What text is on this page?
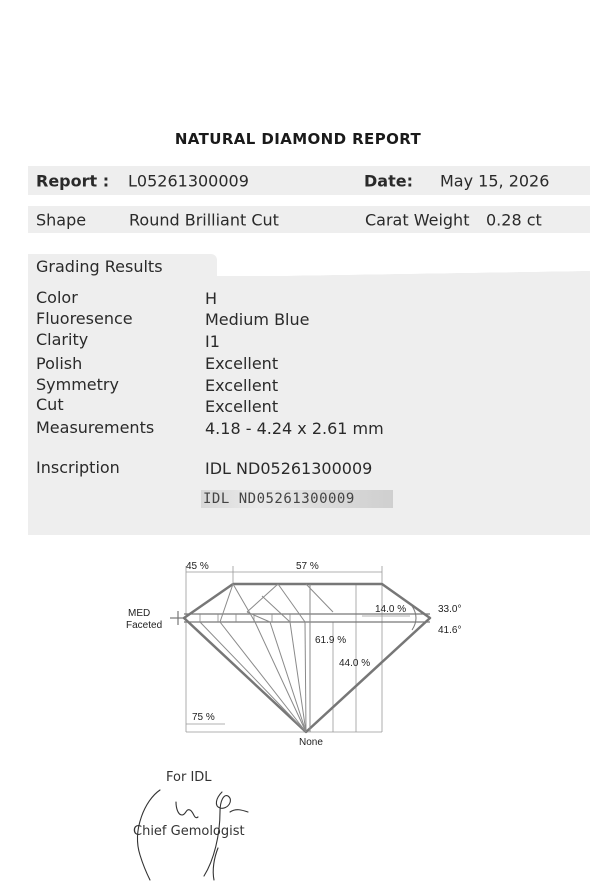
NATURAL DIAMOND REPORT
Report : L05261300009	Date: May 15, 2026
Shape	Round Brilliant Cut	Carat Weight 0.28 ct
Grading Results
Color	H
Fluoresence	Medium Blue
Clarity	I1
Polish	Excellent
Symmetry	Excellent
Cut	Excellent
Measurements	4.18 - 4.24 x 2.61 mm
Inscription	IDL ND05261300009
IDL ND05261300009
45 %	57 %
MED
Faceted
14.0 %	33.0°
41.6°
61.9 %
44.0 %
75 %
None
For IDL
Chief Gemologist
